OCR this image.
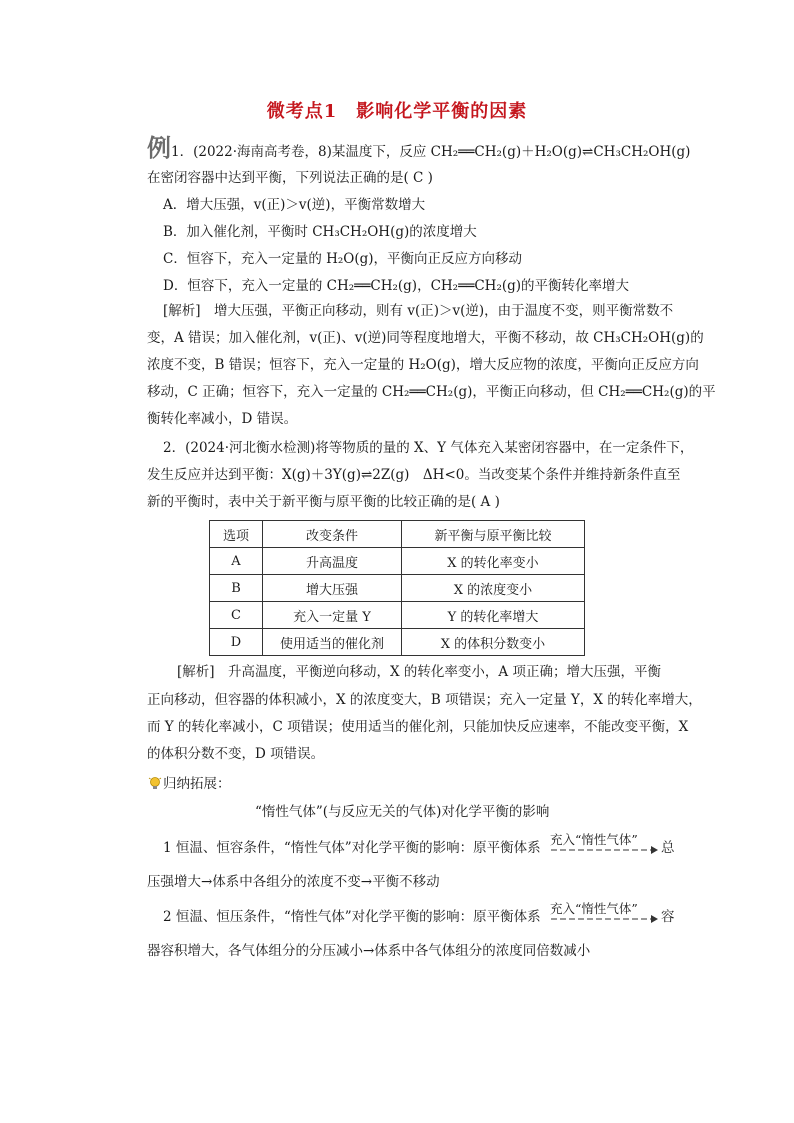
微考点1　影响化学平衡的因素
例 1．(2022·海南高考卷，8)某温度下，反应 CH₂══CH₂(g)＋H₂O(g)⇌CH₃CH₂OH(g)
在密闭容器中达到平衡，下列说法正确的是( C )
A．增大压强，v(正)＞v(逆)，平衡常数增大
B．加入催化剂，平衡时 CH₃CH₂OH(g)的浓度增大
C．恒容下，充入一定量的 H₂O(g)，平衡向正反应方向移动
D．恒容下，充入一定量的 CH₂══CH₂(g)，CH₂══CH₂(g)的平衡转化率增大
[解析]　增大压强，平衡正向移动，则有 v(正)＞v(逆)，由于温度不变，则平衡常数不
变，A 错误；加入催化剂，v(正)、v(逆)同等程度地增大，平衡不移动，故 CH₃CH₂OH(g)的
浓度不变，B 错误；恒容下，充入一定量的 H₂O(g)，增大反应物的浓度，平衡向正反应方向
移动，C 正确；恒容下，充入一定量的 CH₂══CH₂(g)，平衡正向移动，但 CH₂══CH₂(g)的平
衡转化率减小，D 错误。
2．(2024·河北衡水检测)将等物质的量的 X、Y 气体充入某密闭容器中，在一定条件下，
发生反应并达到平衡：X(g)＋3Y(g)⇌2Z(g)　ΔH<0。当改变某个条件并维持新条件直至
新的平衡时，表中关于新平衡与原平衡的比较正确的是( A )
选项	改变条件	新平衡与原平衡比较
A	升高温度	X 的转化率变小
B	增大压强	X 的浓度变小
C	充入一定量 Y	Y 的转化率增大
D	使用适当的催化剂	X 的体积分数变小
[解析]　升高温度，平衡逆向移动，X 的转化率变小，A 项正确；增大压强，平衡
正向移动，但容器的体积减小，X 的浓度变大，B 项错误；充入一定量 Y，X 的转化率增大，
而 Y 的转化率减小，C 项错误；使用适当的催化剂，只能加快反应速率，不能改变平衡，X
的体积分数不变，D 项错误。
归纳拓展：
“惰性气体”(与反应无关的气体)对化学平衡的影响
1 恒温、恒容条件，“惰性气体”对化学平衡的影响：原平衡体系
充入“惰性气体”
总
压强增大→体系中各组分的浓度不变→平衡不移动
2 恒温、恒压条件，“惰性气体”对化学平衡的影响：原平衡体系
充入“惰性气体”
容
器容积增大，各气体组分的分压减小→体系中各气体组分的浓度同倍数减小
